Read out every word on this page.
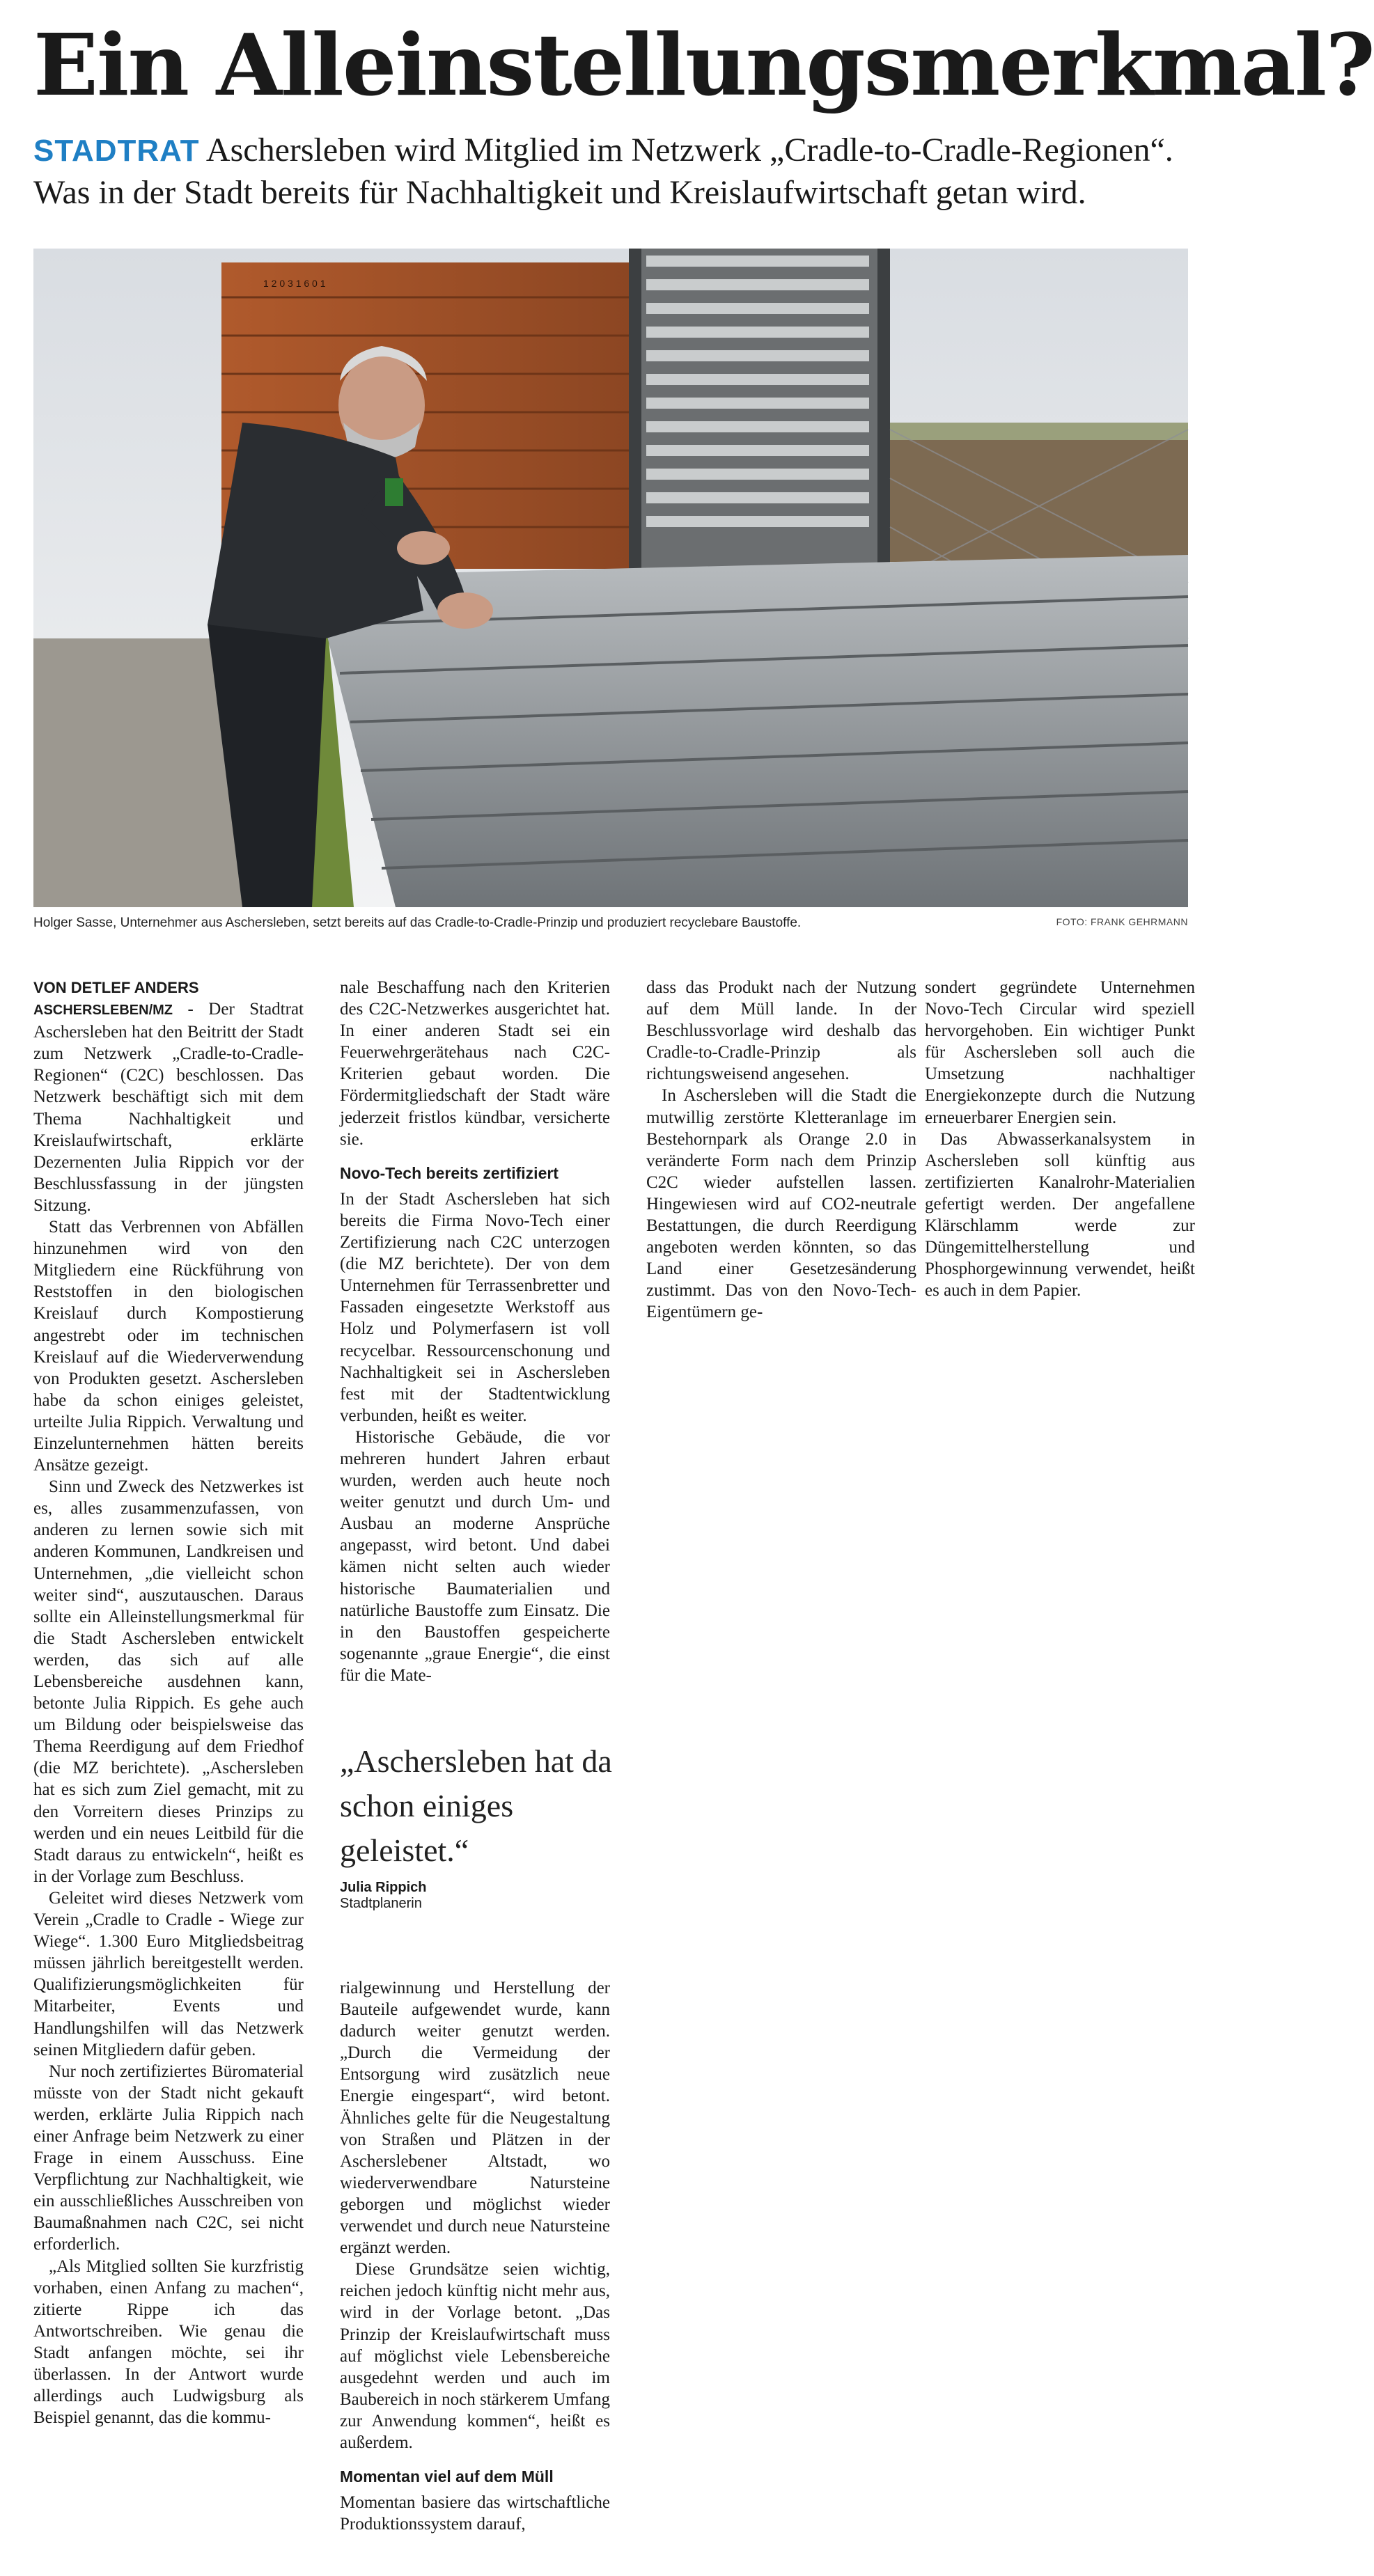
Ein Alleinstellungsmerkmal?
STADTRAT Aschersleben wird Mitglied im Netzwerk „Cradle-to-Cradle-Regionen“.
Was in der Stadt bereits für Nachhaltigkeit und Kreislaufwirtschaft getan wird.
1 2 0 3 1 6 0 1
Holger Sasse, Unternehmer aus Aschersleben, setzt bereits auf das Cradle-to-Cradle-Prinzip und produziert recyclebare Baustoffe.	FOTO: FRANK GEHRMANN

VON DETLEF ANDERS

ASCHERSLEBEN/MZ - Der Stadtrat Aschersleben hat den Beitritt der Stadt zum Netzwerk „Cradle-to-Cradle-Regionen“ (C2C) beschlossen. Das Netzwerk beschäftigt sich mit dem Thema Nachhaltigkeit und Kreislaufwirtschaft, erklärte Dezernenten Julia Rippich vor der Beschlussfassung in der jüngsten Sitzung.

Statt das Verbrennen von Abfällen hinzunehmen wird von den Mitgliedern eine Rückführung von Reststoffen in den biologischen Kreislauf durch Kompostierung angestrebt oder im technischen Kreislauf auf die Wiederverwendung von Produkten gesetzt. Aschersleben habe da schon einiges geleistet, urteilte Julia Rippich. Verwaltung und Einzelunternehmen hätten bereits Ansätze gezeigt.

Sinn und Zweck des Netzwerkes ist es, alles zusammenzufassen, von anderen zu lernen sowie sich mit anderen Kommunen, Landkreisen und Unternehmen, „die vielleicht schon weiter sind“, auszutauschen. Daraus sollte ein Alleinstellungsmerkmal für die Stadt Aschersleben entwickelt werden, das sich auf alle Lebensbereiche ausdehnen kann, betonte Julia Rippich. Es gehe auch um Bildung oder beispielsweise das Thema Reerdigung auf dem Friedhof (die MZ berichtete). „Aschersleben hat es sich zum Ziel gemacht, mit zu den Vorreitern dieses Prinzips zu werden und ein neues Leitbild für die Stadt daraus zu entwickeln“, heißt es in der Vorlage zum Beschluss.

Geleitet wird dieses Netzwerk vom Verein „Cradle to Cradle - Wiege zur Wiege“. 1.300 Euro Mitgliedsbeitrag müssen jährlich bereitgestellt werden. Qualifizierungsmöglichkeiten für Mitarbeiter, Events und Handlungshilfen will das Netzwerk seinen Mitgliedern dafür geben.

Nur noch zertifiziertes Büromaterial müsste von der Stadt nicht gekauft werden, erklärte Julia Rippich nach einer Anfrage beim Netzwerk zu einer Frage in einem Ausschuss. Eine Verpflichtung zur Nachhaltigkeit, wie ein ausschließliches Ausschreiben von Baumaßnahmen nach C2C, sei nicht erforderlich.

„Als Mitglied sollten Sie kurzfristig vorhaben, einen Anfang zu machen“, zitierte Rippe ich das Antwortschreiben. Wie genau die Stadt anfangen möchte, sei ihr überlassen. In der Antwort wurde allerdings auch Ludwigsburg als Beispiel genannt, das die kommu-

nale Beschaffung nach den Kriterien des C2C-Netzwerkes ausgerichtet hat. In einer anderen Stadt sei ein Feuerwehrgerätehaus nach C2C-Kriterien gebaut worden. Die Fördermitgliedschaft der Stadt wäre jederzeit fristlos kündbar, versicherte sie.

Novo-Tech bereits zertifiziert

In der Stadt Aschersleben hat sich bereits die Firma Novo-Tech einer Zertifizierung nach C2C unterzogen (die MZ berichtete). Der von dem Unternehmen für Terrassenbretter und Fassaden eingesetzte Werkstoff aus Holz und Polymerfasern ist voll recycelbar. Ressourcenschonung und Nachhaltigkeit sei in Aschersleben fest mit der Stadtentwicklung verbunden, heißt es weiter.

Historische Gebäude, die vor mehreren hundert Jahren erbaut wurden, werden auch heute noch weiter genutzt und durch Um- und Ausbau an moderne Ansprüche angepasst, wird betont. Und dabei kämen nicht selten auch wieder historische Baumaterialien und natürliche Baustoffe zum Einsatz. Die in den Baustoffen gespeicherte sogenannte „graue Energie“, die einst für die Mate-

„Aschersleben hat da schon einiges geleistet.“
Julia Rippich
Stadtplanerin

rialgewinnung und Herstellung der Bauteile aufgewendet wurde, kann dadurch weiter genutzt werden. „Durch die Vermeidung der Entsorgung wird zusätzlich neue Energie eingespart“, wird betont. Ähnliches gelte für die Neugestaltung von Straßen und Plätzen in der Ascherslebener Altstadt, wo wiederverwendbare Natursteine geborgen und möglichst wieder verwendet und durch neue Natursteine ergänzt werden.

Diese Grundsätze seien wichtig, reichen jedoch künftig nicht mehr aus, wird in der Vorlage betont. „Das Prinzip der Kreislaufwirtschaft muss auf möglichst viele Lebensbereiche ausgedehnt werden und auch im Baubereich in noch stärkerem Umfang zur Anwendung kommen“, heißt es außerdem.

Momentan viel auf dem Müll

Momentan basiere das wirtschaftliche Produktionssystem darauf,

dass das Produkt nach der Nutzung auf dem Müll lande. In der Beschlussvorlage wird deshalb das Cradle-to-Cradle-Prinzip als richtungsweisend angesehen.

In Aschersleben will die Stadt die mutwillig zerstörte Kletteranlage im Bestehornpark als Orange 2.0 in veränderte Form nach dem Prinzip C2C wieder aufstellen lassen. Hingewiesen wird auf CO2-neutrale Bestattungen, die durch Reerdigung angeboten werden könnten, so das Land einer Gesetzesänderung zustimmt. Das von den Novo-Tech-Eigentümern ge-

sondert gegründete Unternehmen Novo-Tech Circular wird speziell hervorgehoben. Ein wichtiger Punkt für Aschersleben soll auch die Umsetzung nachhaltiger Energiekonzepte durch die Nutzung erneuerbarer Energien sein.

Das Abwasserkanalsystem in Aschersleben soll künftig aus zertifizierten Kanalrohr-Materialien gefertigt werden. Der angefallene Klärschlamm werde zur Düngemittelherstellung und Phosphorgewinnung verwendet, heißt es auch in dem Papier.
